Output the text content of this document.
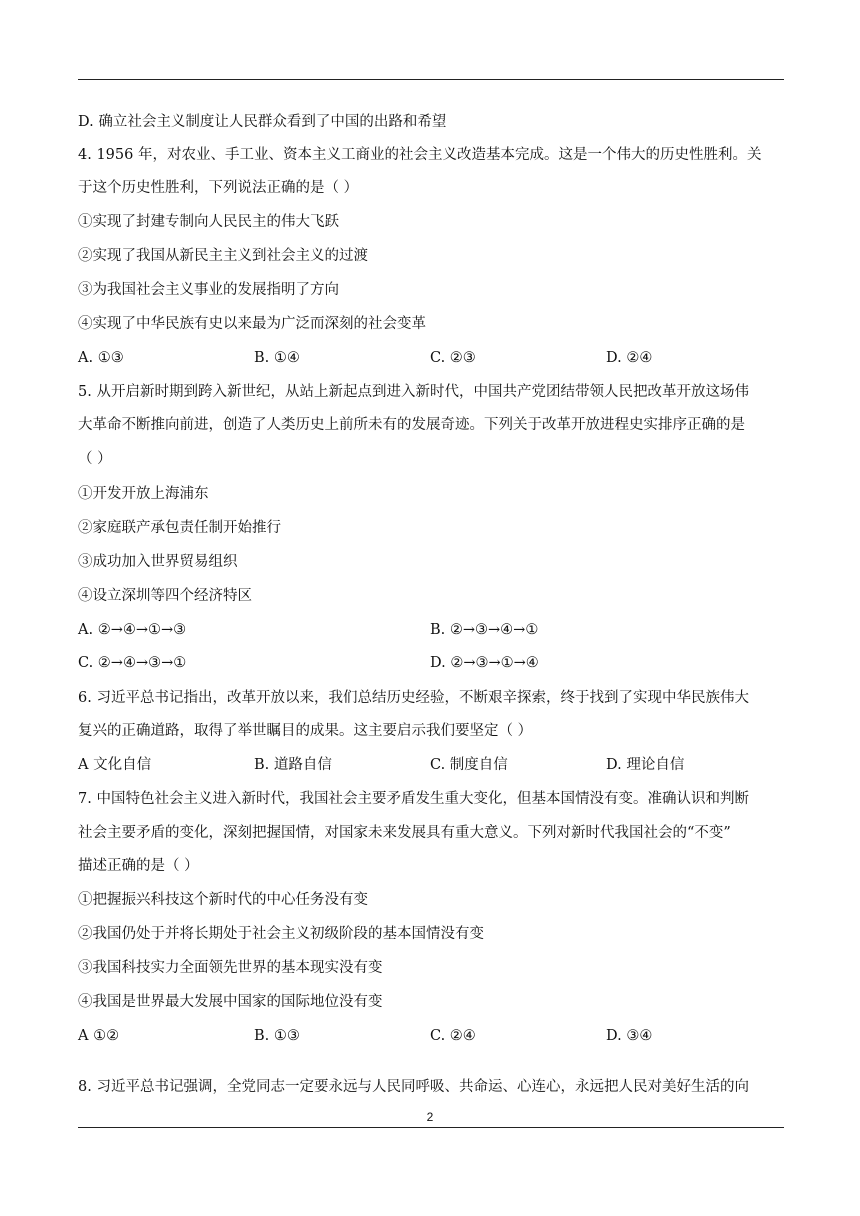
D. 确立社会主义制度让人民群众看到了中国的出路和希望
4. 1956 年，对农业、手工业、资本主义工商业的社会主义改造基本完成。这是一个伟大的历史性胜利。关
于这个历史性胜利，下列说法正确的是（ ）
①实现了封建专制向人民民主的伟大飞跃
②实现了我国从新民主主义到社会主义的过渡
③为我国社会主义事业的发展指明了方向
④实现了中华民族有史以来最为广泛而深刻的社会变革
A. ①③	B. ①④	C. ②③	D. ②④
5. 从开启新时期到跨入新世纪，从站上新起点到进入新时代，中国共产党团结带领人民把改革开放这场伟
大革命不断推向前进，创造了人类历史上前所未有的发展奇迹。下列关于改革开放进程史实排序正确的是
（ ）
①开发开放上海浦东
②家庭联产承包责任制开始推行
③成功加入世界贸易组织
④设立深圳等四个经济特区
A. ②→④→①→③	B. ②→③→④→①
C. ②→④→③→①	D. ②→③→①→④
6. 习近平总书记指出，改革开放以来，我们总结历史经验，不断艰辛探索，终于找到了实现中华民族伟大
复兴的正确道路，取得了举世瞩目的成果。这主要启示我们要坚定（ ）
A 文化自信	B. 道路自信	C. 制度自信	D. 理论自信
7. 中国特色社会主义进入新时代，我国社会主要矛盾发生重大变化，但基本国情没有变。准确认识和判断
社会主要矛盾的变化，深刻把握国情，对国家未来发展具有重大意义。下列对新时代我国社会的“不变”
描述正确的是（ ）
①把握振兴科技这个新时代的中心任务没有变
②我国仍处于并将长期处于社会主义初级阶段的基本国情没有变
③我国科技实力全面领先世界的基本现实没有变
④我国是世界最大发展中国家的国际地位没有变
A ①②	B. ①③	C. ②④	D. ③④
8. 习近平总书记强调，全党同志一定要永远与人民同呼吸、共命运、心连心，永远把人民对美好生活的向
2
